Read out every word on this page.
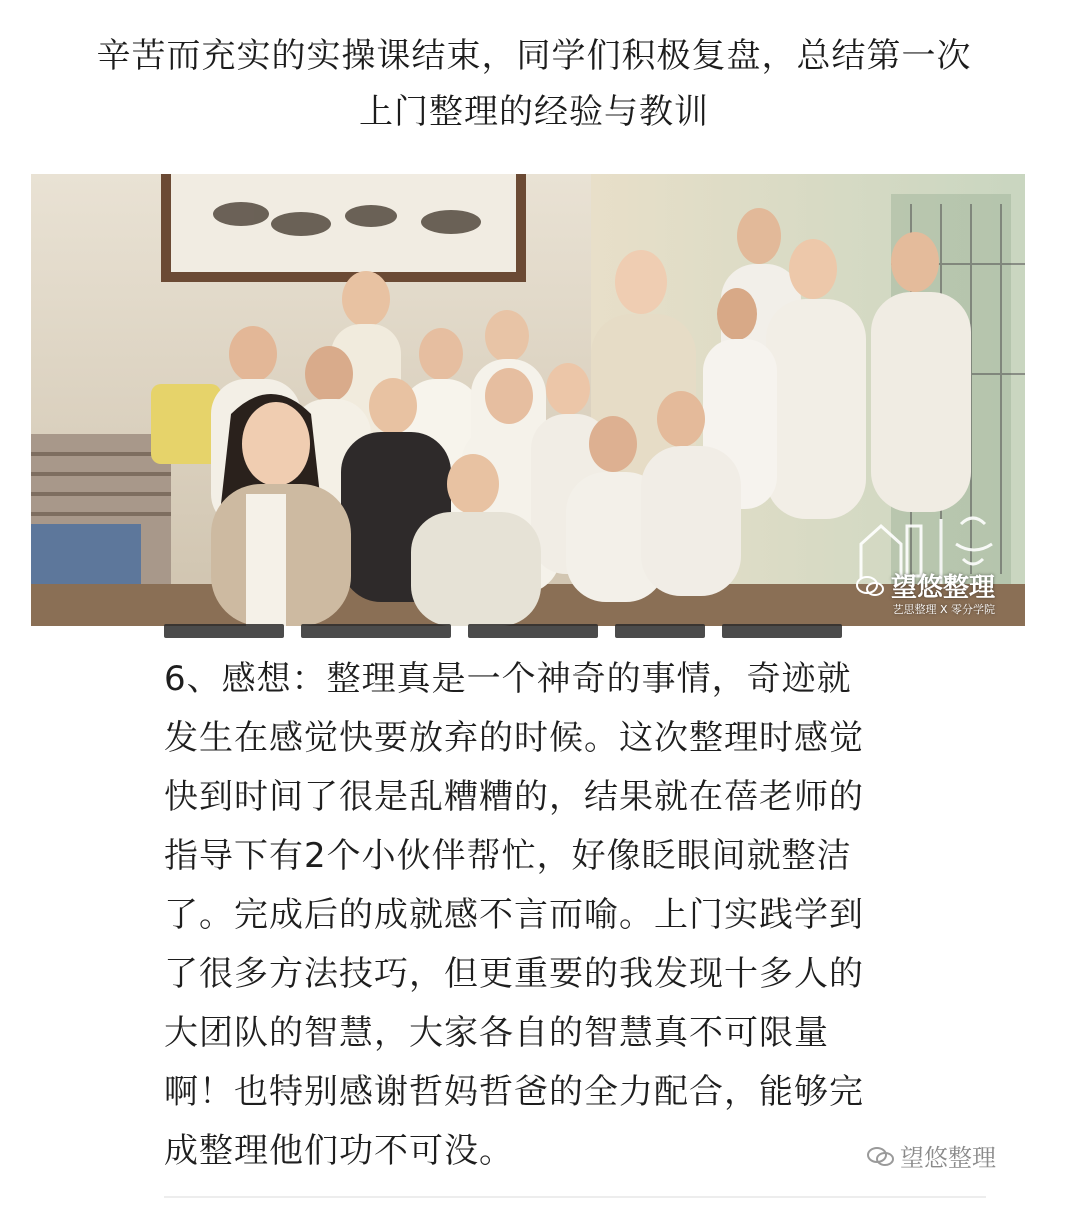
辛苦而充实的实操课结束，同学们积极复盘，总结第一次
上门整理的经验与教训
望悠整理
艺思整理 X 零分学院

6、感想：整理真是一个神奇的事情，奇迹就
发生在感觉快要放弃的时候。这次整理时感觉
快到时间了很是乱糟糟的，结果就在蓓老师的
指导下有2个小伙伴帮忙，好像眨眼间就整洁
了。完成后的成就感不言而喻。上门实践学到
了很多方法技巧，但更重要的我发现十多人的
大团队的智慧，大家各自的智慧真不可限量
啊！也特别感谢哲妈哲爸的全力配合，能够完
成整理他们功不可没。	望悠整理
